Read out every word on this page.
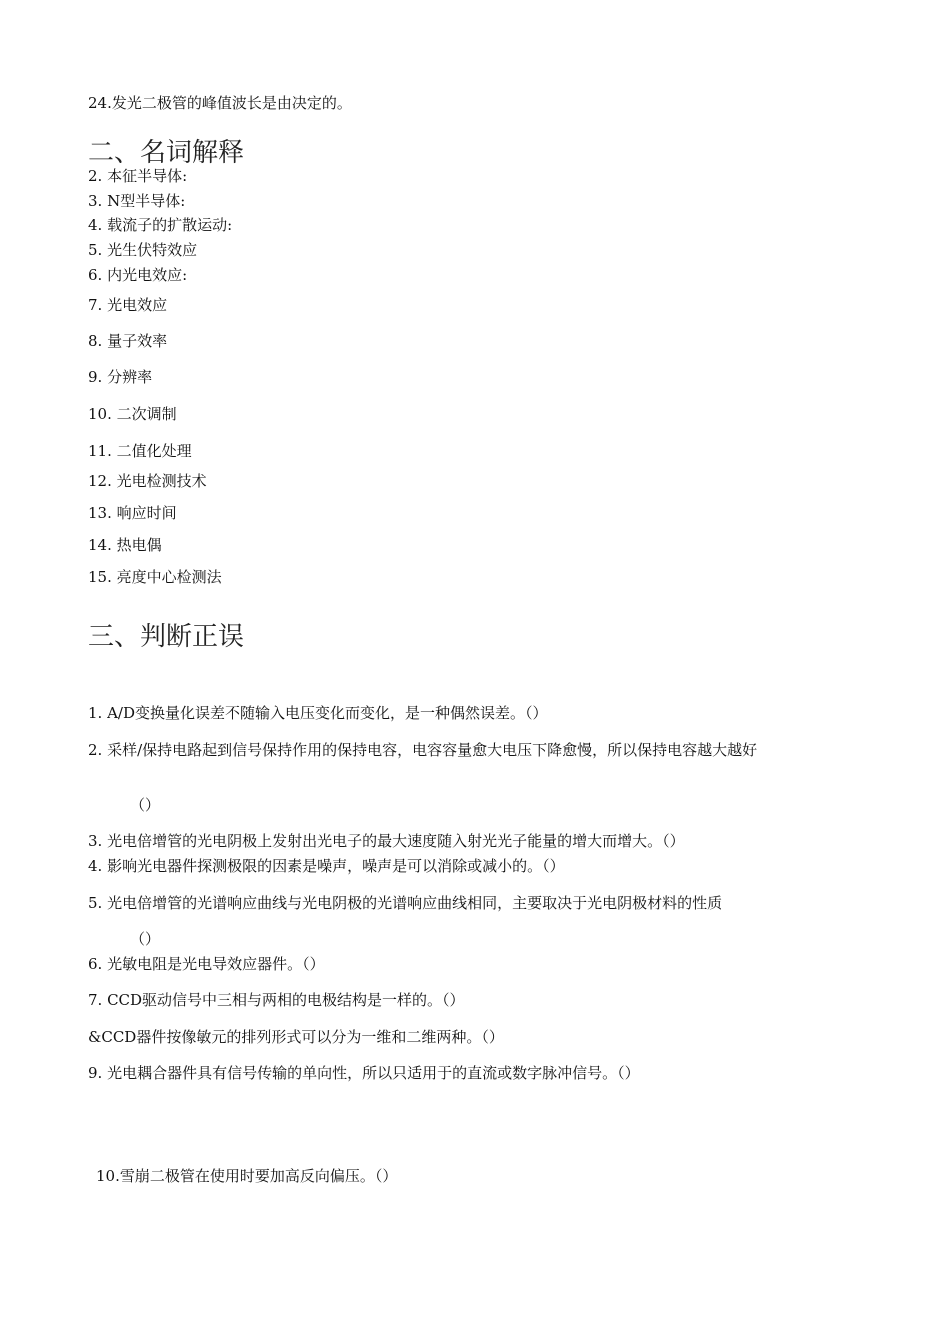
24.发光二极管的峰值波长是由决定的。
二、名词解释
2. 本征半导体:
3. N型半导体:
4. 载流子的扩散运动:
5. 光生伏特效应
6. 内光电效应:
7. 光电效应
8. 量子效率
9. 分辨率
10. 二次调制
11. 二值化处理
12. 光电检测技术
13. 响应时间
14. 热电偶
15. 亮度中心检测法
三、判断正误
1. A/D变换量化误差不随输入电压变化而变化，是一种偶然误差。（）
2. 采样/保持电路起到信号保持作用的保持电容，电容容量愈大电压下降愈慢，所以保持电容越大越好
（）
3. 光电倍增管的光电阴极上发射出光电子的最大速度随入射光光子能量的增大而增大。（）
4. 影响光电器件探测极限的因素是噪声，噪声是可以消除或减小的。（）
5. 光电倍增管的光谱响应曲线与光电阴极的光谱响应曲线相同，主要取决于光电阴极材料的性质
（）
6. 光敏电阻是光电导效应器件。（）
7. CCD驱动信号中三相与两相的电极结构是一样的。（）
&CCD器件按像敏元的排列形式可以分为一维和二维两种。（）
9. 光电耦合器件具有信号传输的单向性，所以只适用于的直流或数字脉冲信号。（）
10.雪崩二极管在使用时要加高反向偏压。（）
